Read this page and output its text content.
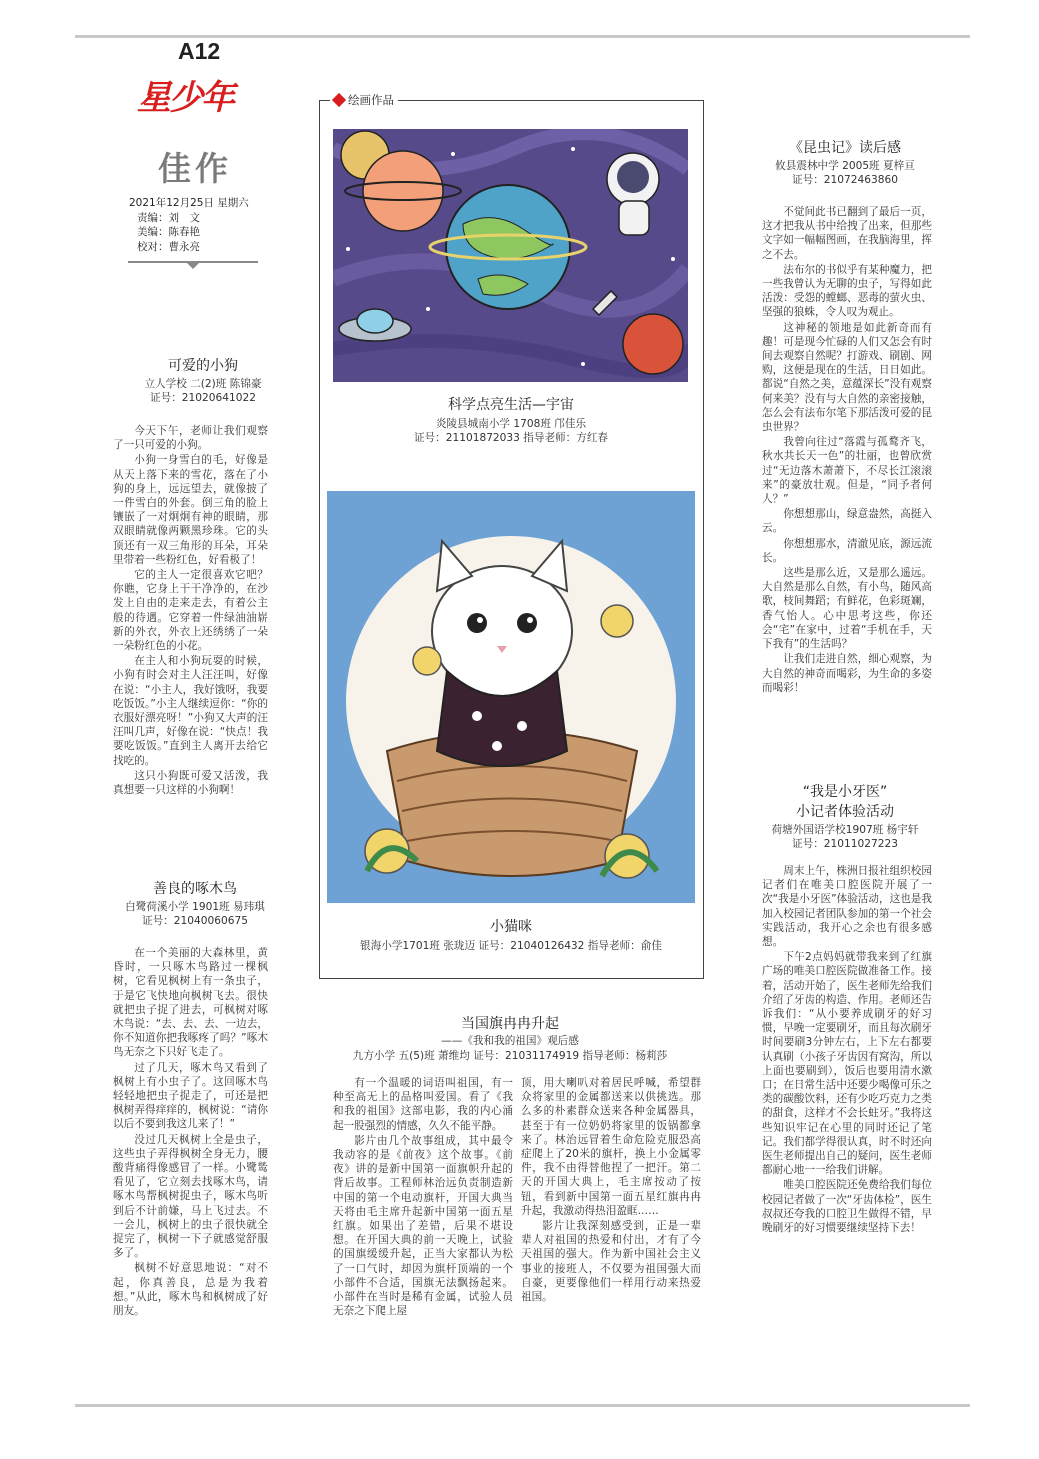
A12
星少年
佳作
2021年12月25日 星期六
责编：刘　文
美编：陈春艳
校对：曹永亮
可爱的小狗
立人学校 二(2)班 陈锦豪
证号：21020641022

今天下午，老师让我们观察了一只可爱的小狗。

小狗一身雪白的毛，好像是从天上落下来的雪花，落在了小狗的身上，远远望去，就像披了一件雪白的外套。倒三角的脸上镶嵌了一对炯炯有神的眼睛，那双眼睛就像两颗黑珍珠。它的头顶还有一双三角形的耳朵，耳朵里带着一些粉红色，好看极了！

它的主人一定很喜欢它吧？你瞧，它身上干干净净的，在沙发上自由的走来走去，有着公主般的待遇。它穿着一件绿油油崭新的外衣，外衣上还绣绣了一朵一朵粉红色的小花。

在主人和小狗玩耍的时候，小狗有时会对主人汪汪叫，好像在说：“小主人，我好饿呀，我要吃饭饭。”小主人继续逗你：“你的衣服好漂亮呀！”小狗又大声的汪汪叫几声，好像在说：“快点！我要吃饭饭。”直到主人离开去给它找吃的。

这只小狗既可爱又活泼，我真想要一只这样的小狗啊！

善良的啄木鸟
白鹭荷溪小学 1901班 易玮琪
证号：21040060675

在一个美丽的大森林里，黄昏时，一只啄木鸟路过一棵枫树，它看见枫树上有一条虫子，于是它飞快地向枫树飞去。很快就把虫子捉了进去，可枫树对啄木鸟说：“去、去、去、一边去，你不知道你把我啄疼了吗？”啄木鸟无奈之下只好飞走了。

过了几天，啄木鸟又看到了枫树上有小虫子了。这回啄木鸟轻轻地把虫子捉走了，可还是把枫树弄得痒痒的，枫树说：“请你以后不要到我这儿来了！”

没过几天枫树上全是虫子，这些虫子弄得枫树全身无力，腰酸背痛得像感冒了一样。小鹭鸶看见了，它立刻去找啄木鸟，请啄木鸟帮枫树捉虫子，啄木鸟听到后不计前嫌，马上飞过去。不一会儿，枫树上的虫子很快就全捉完了，枫树一下子就感觉舒服多了。

枫树不好意思地说：“对不起，你真善良，总是为我着想。”从此，啄木鸟和枫树成了好朋友。

绘画作品
科学点亮生活—宇宙
炎陵县城南小学 1708班 邝佳乐
证号：21101872033 指导老师：方红春
小猫咪
银海小学1701班 张珑迈 证号：21040126432 指导老师：俞佳
当国旗冉冉升起
——《我和我的祖国》观后感
九方小学 五(5)班 萧维均 证号：21031174919 指导老师：杨莉莎

有一个温暖的词语叫祖国，有一种至高无上的品格叫爱国。看了《我和我的祖国》这部电影，我的内心涌起一股强烈的情感，久久不能平静。

影片由几个故事组成，其中最令我动容的是《前夜》这个故事。《前夜》讲的是新中国第一面旗帜升起的背后故事。工程师林治远负责制造新中国的第一个电动旗杆，开国大典当天将由毛主席升起新中国第一面五星红旗。如果出了差错，后果不堪设想。在开国大典的前一天晚上，试验的国旗缓缓升起，正当大家都认为松了一口气时，却因为旗杆顶端的一个小部件不合适，国旗无法飘扬起来。小部件在当时是稀有金属，试验人员无奈之下爬上屋

顶，用大喇叭对着居民呼喊，希望群众将家里的金属都送来以供挑选。那么多的朴素群众送来各种金属器具，甚至于有一位奶奶将家里的饭锅都拿来了。林治远冒着生命危险克服恐高症爬上了20米的旗杆，换上小金属零件，我不由得替他捏了一把汗。第二天的开国大典上，毛主席按动了按钮，看到新中国第一面五星红旗冉冉升起，我激动得热泪盈眶……

影片让我深刻感受到，正是一辈辈人对祖国的热爱和付出，才有了今天祖国的强大。作为新中国社会主义事业的接班人，不仅要为祖国强大而自豪，更要像他们一样用行动来热爱祖国。

《昆虫记》读后感
攸县震林中学 2005班 夏梓亘
证号：21072463860

不觉间此书已翻到了最后一页，这才把我从书中给拽了出来，但那些文字如一幅幅图画，在我脑海里，挥之不去。

法布尔的书似乎有某种魔力，把一些我曾认为无聊的虫子，写得如此活泼：受怨的螳螂、恶毒的萤火虫、坚强的狼蛛，令人叹为观止。

这神秘的领地是如此新奇而有趣！可是现今忙碌的人们又怎会有时间去观察自然呢？打游戏、刷剧、网购，这便是现在的生活，日日如此。都说“自然之美，意蕴深长”没有观察何来美？没有与大自然的亲密接触，怎么会有法布尔笔下那活泼可爱的昆虫世界？

我曾向往过“落霞与孤鹜齐飞，秋水共长天一色”的壮丽，也曾欣赏过“无边落木萧萧下，不尽长江滚滚来”的豪放壮观。但是，“同予者何人？”

你想想那山，绿意盎然，高挺入云。

你想想那水，清澈见底，源远流长。

这些是那么近，又是那么遥远。大自然是那么自然，有小鸟，随风高歌，枝间舞蹈；有鲜花，色彩斑斓，香气怡人。心中思考这些，你还会“宅”在家中，过着“手机在手，天下我有”的生活吗？

让我们走进自然，细心观察，为大自然的神奇而喝彩，为生命的多姿而喝彩！

“我是小牙医”
小记者体验活动
荷塘外国语学校1907班 杨宇轩
证号：21011027223

周末上午，株洲日报社组织校园记者们在唯美口腔医院开展了一次“我是小牙医”体验活动，这也是我加入校园记者团队参加的第一个社会实践活动，我开心之余也有很多感想。

下午2点妈妈就带我来到了红旗广场的唯美口腔医院做准备工作。接着，活动开始了，医生老师先给我们介绍了牙齿的构造、作用。老师还告诉我们：“从小要养成刷牙的好习惯，早晚一定要刷牙，而且每次刷牙时间要刷3分钟左右，上下左右都要认真刷（小孩子牙齿因有窝沟，所以上面也要刷到），饭后也要用清水漱口；在日常生活中还要少喝像可乐之类的碳酸饮料，还有少吃巧克力之类的甜食，这样才不会长蛀牙。”我将这些知识牢记在心里的同时还记了笔记。我们都学得很认真，时不时还向医生老师提出自己的疑问，医生老师都耐心地一一给我们讲解。

唯美口腔医院还免费给我们每位校园记者做了一次“牙齿体检”，医生叔叔还夸我的口腔卫生做得不错，早晚刷牙的好习惯要继续坚持下去！
